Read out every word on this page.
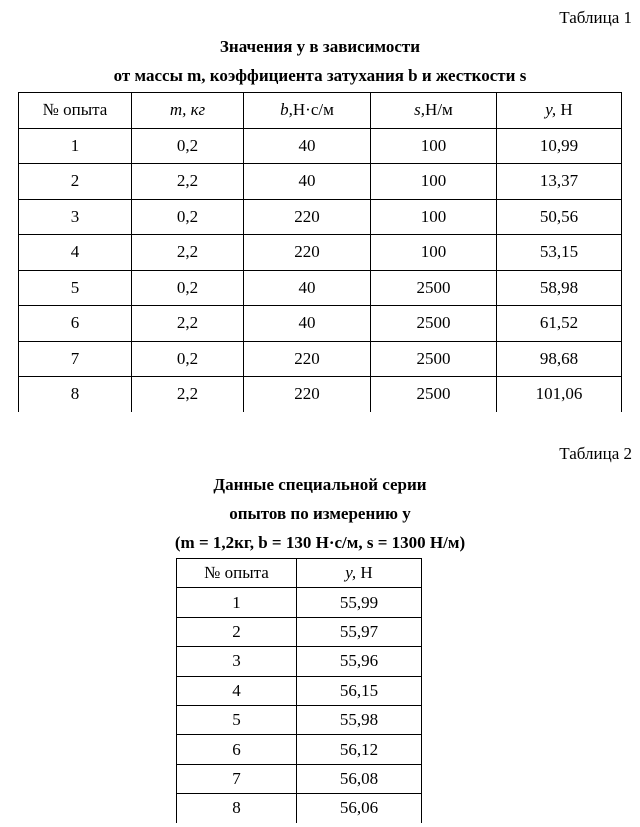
Таблица 1
Значения y в зависимости
от массы m, коэффициента затухания b и жесткости s
№ опыта	m, кг	b,Н·с/м	s,Н/м	y, Н
1	0,2	40	100	10,99
2	2,2	40	100	13,37
3	0,2	220	100	50,56
4	2,2	220	100	53,15
5	0,2	40	2500	58,98
6	2,2	40	2500	61,52
7	0,2	220	2500	98,68
8	2,2	220	2500	101,06
Таблица 2
Данные специальной серии
опытов по измерению y
(m = 1,2кг, b = 130 Н·с/м, s = 1300 Н/м)
№ опыта	y, Н
1	55,99
2	55,97
3	55,96
4	56,15
5	55,98
6	56,12
7	56,08
8	56,06
